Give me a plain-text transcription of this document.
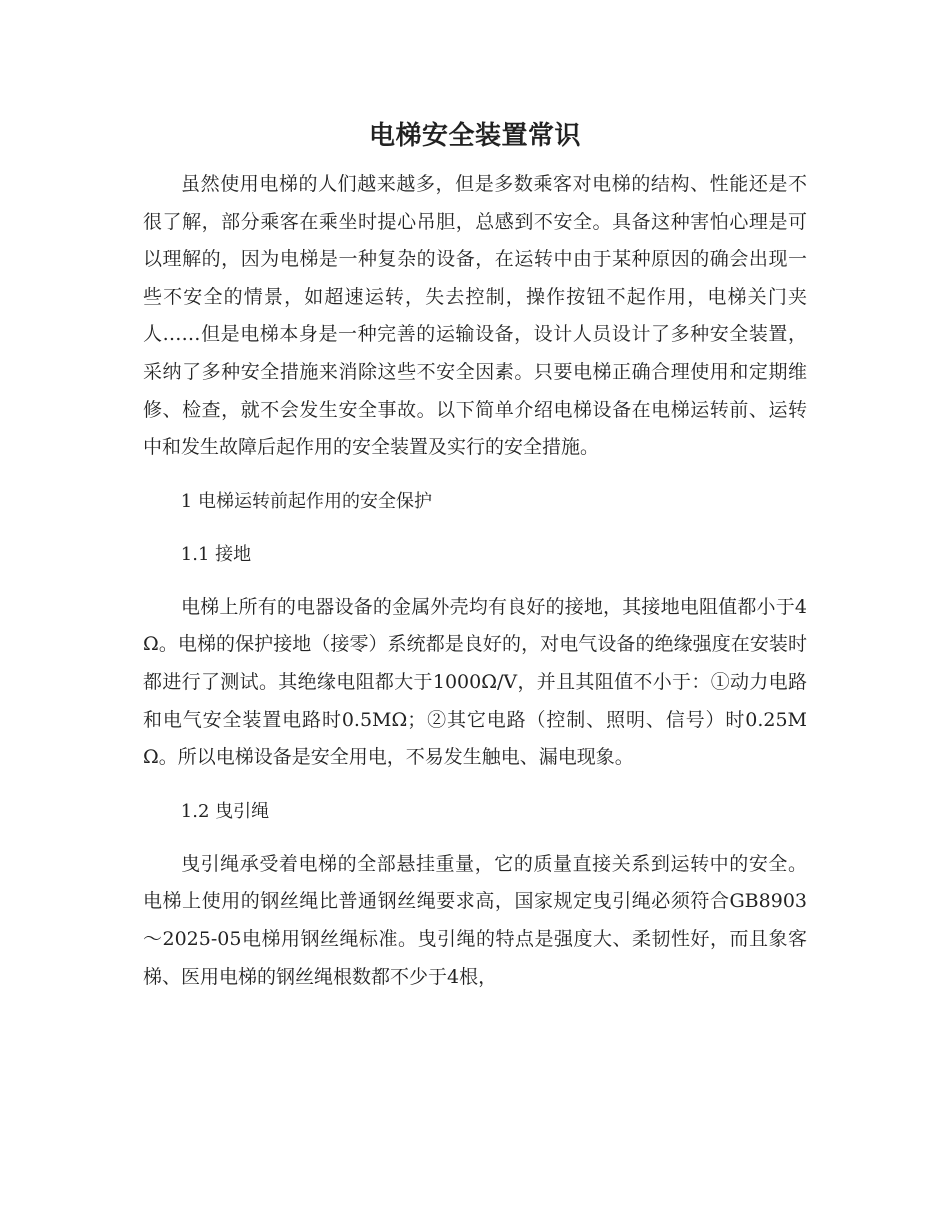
电梯安全装置常识

虽然使用电梯的人们越来越多，但是多数乘客对电梯的结构、性能还是不很了解，部分乘客在乘坐时提心吊胆，总感到不安全。具备这种害怕心理是可以理解的，因为电梯是一种复杂的设备，在运转中由于某种原因的确会出现一些不安全的情景，如超速运转，失去控制，操作按钮不起作用，电梯关门夹人……但是电梯本身是一种完善的运输设备，设计人员设计了多种安全装置，采纳了多种安全措施来消除这些不安全因素。只要电梯正确合理使用和定期维修、检查，就不会发生安全事故。以下简单介绍电梯设备在电梯运转前、运转中和发生故障后起作用的安全装置及实行的安全措施。

1 电梯运转前起作用的安全保护
1.1 接地

电梯上所有的电器设备的金属外壳均有良好的接地，其接地电阻值都小于4Ω。电梯的保护接地（接零）系统都是良好的，对电气设备的绝缘强度在安装时都进行了测试。其绝缘电阻都大于1000Ω/V，并且其阻值不小于：①动力电路和电气安全装置电路时0.5MΩ；②其它电路（控制、照明、信号）时0.25MΩ。所以电梯设备是安全用电，不易发生触电、漏电现象。

1.2 曳引绳

曳引绳承受着电梯的全部悬挂重量，它的质量直接关系到运转中的安全。电梯上使用的钢丝绳比普通钢丝绳要求高，国家规定曳引绳必须符合GB8903～2025-05电梯用钢丝绳标准。曳引绳的特点是强度大、柔韧性好，而且象客梯、医用电梯的钢丝绳根数都不少于4根，
